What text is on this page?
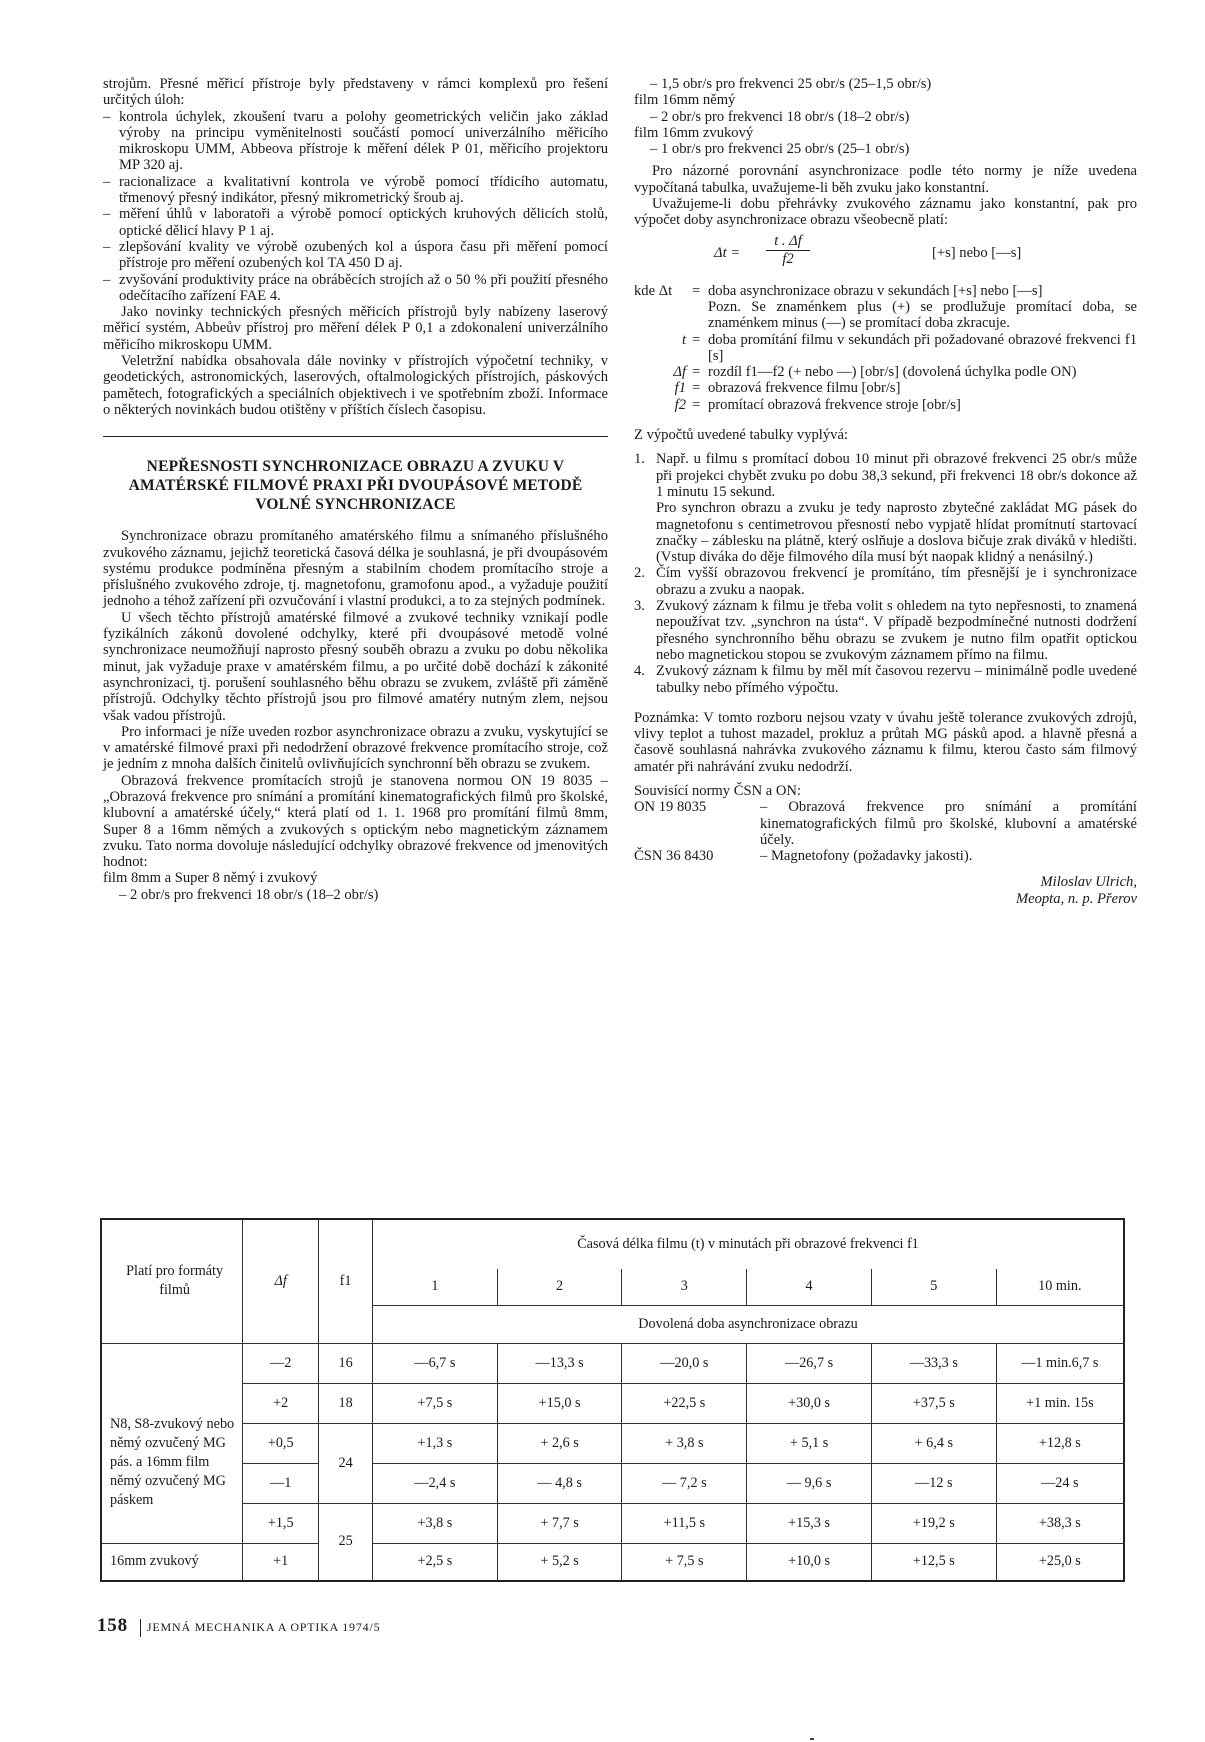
strojům. Přesné měřicí přístroje byly představeny v rámci komplexů pro řešení určitých úloh:

– kontrola úchylek, zkoušení tvaru a polohy geometrických veličin jako základ výroby na principu vyměnitelnosti součástí pomocí univerzálního měřicího mikroskopu UMM, Abbeova přístroje k měření délek P 01, měřicího projektoru MP 320 aj.

– racionalizace a kvalitativní kontrola ve výrobě pomocí třídicího automatu, třmenový přesný indikátor, přesný mikrometrický šroub aj.

– měření úhlů v laboratoři a výrobě pomocí optických kruhových dělicích stolů, optické dělicí hlavy P 1 aj.

– zlepšování kvality ve výrobě ozubených kol a úspora času při měření pomocí přístroje pro měření ozubených kol TA 450 D aj.

– zvyšování produktivity práce na obráběcích strojích až o 50 % při použití přesného odečítacího zařízení FAE 4.

Jako novinky technických přesných měřicích přístrojů byly nabízeny laserový měřicí systém, Abbeův přístroj pro měření délek P 0,1 a zdokonalení univerzálního měřicího mikroskopu UMM.

Veletržní nabídka obsahovala dále novinky v přístrojích výpočetní techniky, v geodetických, astronomických, laserových, oftalmologických přístrojích, páskových pamětech, fotografických a speciálních objektivech i ve spotřebním zboží. Informace o některých novinkách budou otištěny v příštích číslech časopisu.

NEPŘESNOSTI SYNCHRONIZACE OBRAZU A ZVUKU V AMATÉRSKÉ FILMOVÉ PRAXI PŘI DVOUPÁSOVÉ METODĚ VOLNÉ SYNCHRONIZACE

Synchronizace obrazu promítaného amatérského filmu a snímaného příslušného zvukového záznamu, jejichž teoretická časová délka je souhlasná, je při dvoupásovém systému produkce podmíněna přesným a stabilním chodem promítacího stroje a příslušného zvukového zdroje, tj. magnetofonu, gramofonu apod., a vyžaduje použití jednoho a téhož zařízení při ozvučování i vlastní produkci, a to za stejných podmínek.

U všech těchto přístrojů amatérské filmové a zvukové techniky vznikají podle fyzikálních zákonů dovolené odchylky, které při dvoupásové metodě volné synchronizace neumožňují naprosto přesný souběh obrazu a zvuku po dobu několika minut, jak vyžaduje praxe v amatérském filmu, a po určité době dochází k zákonité asynchronizaci, tj. porušení souhlasného běhu obrazu se zvukem, zvláště při záměně přístrojů. Odchylky těchto přístrojů jsou pro filmové amatéry nutným zlem, nejsou však vadou přístrojů.

Pro informaci je níže uveden rozbor asynchronizace obrazu a zvuku, vyskytující se v amatérské filmové praxi při nedodržení obrazové frekvence promítacího stroje, což je jedním z mnoha dalších činitelů ovlivňujících synchronní běh obrazu se zvukem.

Obrazová frekvence promítacích strojů je stanovena normou ON 19 8035 – „Obrazová frekvence pro snímání a promítání kinematografických filmů pro školské, klubovní a amatérské účely,“ která platí od 1. 1. 1968 pro promítání filmů 8mm, Super 8 a 16mm němých a zvukových s optickým nebo magnetickým záznamem zvuku. Tato norma dovoluje následující odchylky obrazové frekvence od jmenovitých hodnot:

film 8mm a Super 8 němý i zvukový

– 2 obr/s pro frekvenci 18 obr/s (18–2 obr/s)

– 1,5 obr/s pro frekvenci 25 obr/s (25–1,5 obr/s)

film 16mm němý

– 2 obr/s pro frekvenci 18 obr/s (18–2 obr/s)

film 16mm zvukový

– 1 obr/s pro frekvenci 25 obr/s (25–1 obr/s)

Pro názorné porovnání asynchronizace podle této normy je níže uvedena vypočítaná tabulka, uvažujeme-li běh zvuku jako konstantní.

Uvažujeme-li dobu přehrávky zvukového záznamu jako konstantní, pak pro výpočet doby asynchronizace obrazu všeobecně platí:

$\Delta t = \frac{t . \Delta f}{f2}$	[+s] nebo [—s]
kde Δt	= doba asynchronizace obrazu v sekundách [+s] nebo [—s]
Pozn. Se znaménkem plus (+) se prodlužuje promítací doba, se znaménkem minus (—) se promítací doba zkracuje.
t = doba promítání filmu v sekundách při požadované obrazové frekvenci f1 [s]
Δf = rozdíl f1—f2 (+ nebo —) [obr/s] (dovolená úchylka podle ON)
f1 = obrazová frekvence filmu [obr/s]
f2 = promítací obrazová frekvence stroje [obr/s]

Z výpočtů uvedené tabulky vyplývá:

1. Např. u filmu s promítací dobou 10 minut při obrazové frekvenci 25 obr/s může při projekci chybět zvuku po dobu 38,3 sekund, při frekvenci 18 obr/s dokonce až 1 minutu 15 sekund.
Pro synchron obrazu a zvuku je tedy naprosto zbytečné zakládat MG pásek do magnetofonu s centimetrovou přesností nebo vypjatě hlídat promítnutí startovací značky – záblesku na plátně, který oslňuje a doslova bičuje zrak diváků v hledišti. (Vstup diváka do děje filmového díla musí být naopak klidný a nenásilný.)
2. Čím vyšší obrazovou frekvencí je promítáno, tím přesnější je i synchronizace obrazu a zvuku a naopak.
3. Zvukový záznam k filmu je třeba volit s ohledem na tyto nepřesnosti, to znamená nepoužívat tzv. „synchron na ústa“. V případě bezpodmínečné nutnosti dodržení přesného synchronního běhu obrazu se zvukem je nutno film opatřit optickou nebo magnetickou stopou se zvukovým záznamem přímo na filmu.
4. Zvukový záznam k filmu by měl mít časovou rezervu – minimálně podle uvedené tabulky nebo přímého výpočtu.

Poznámka: V tomto rozboru nejsou vzaty v úvahu ještě tolerance zvukových zdrojů, vlivy teplot a tuhost mazadel, prokluz a průtah MG pásků apod. a hlavně přesná a časově souhlasná nahrávka zvukového záznamu k filmu, kterou často sám filmový amatér při nahrávání zvuku nedodrží.

Souvisící normy ČSN a ON:

ON 19 8035	– Obrazová frekvence pro snímání a promítání kinematografických filmů pro školské, klubovní a amatérské účely.
ČSN 36 8430	– Magnetofony (požadavky jakosti).

Miloslav Ulrich,

Meopta, n. p. Přerov

Platí pro formáty filmů	Δf	f1	Časová délka filmu (t) v minutách při obrazové frekvenci f1					
			1	2	3	4	5	10 min.
			Dovolená doba asynchronizace obrazu					
	—2	16	—6,7 s	—13,3 s	—20,0 s	—26,7 s	—33,3 s	—1 min.6,7 s
N8, S8-zvukový nebo němý ozvučený MG pás. a 16mm film němý ozvučený MG páskem	+2	18	+7,5 s	+15,0 s	+22,5 s	+30,0 s	+37,5 s	+1 min. 15s
	+0,5	24	+1,3 s	+ 2,6 s	+ 3,8 s	+ 5,1 s	+ 6,4 s	+12,8 s
	—1		—2,4 s	— 4,8 s	— 7,2 s	— 9,6 s	—12 s	—24 s
	+1,5	25	+3,8 s	+ 7,7 s	+11,5 s	+15,3 s	+19,2 s	+38,3 s
16mm zvukový	+1		+2,5 s	+ 5,2 s	+ 7,5 s	+10,0 s	+12,5 s	+25,0 s
158 JEMNÁ MECHANIKA A OPTIKA 1974/5
